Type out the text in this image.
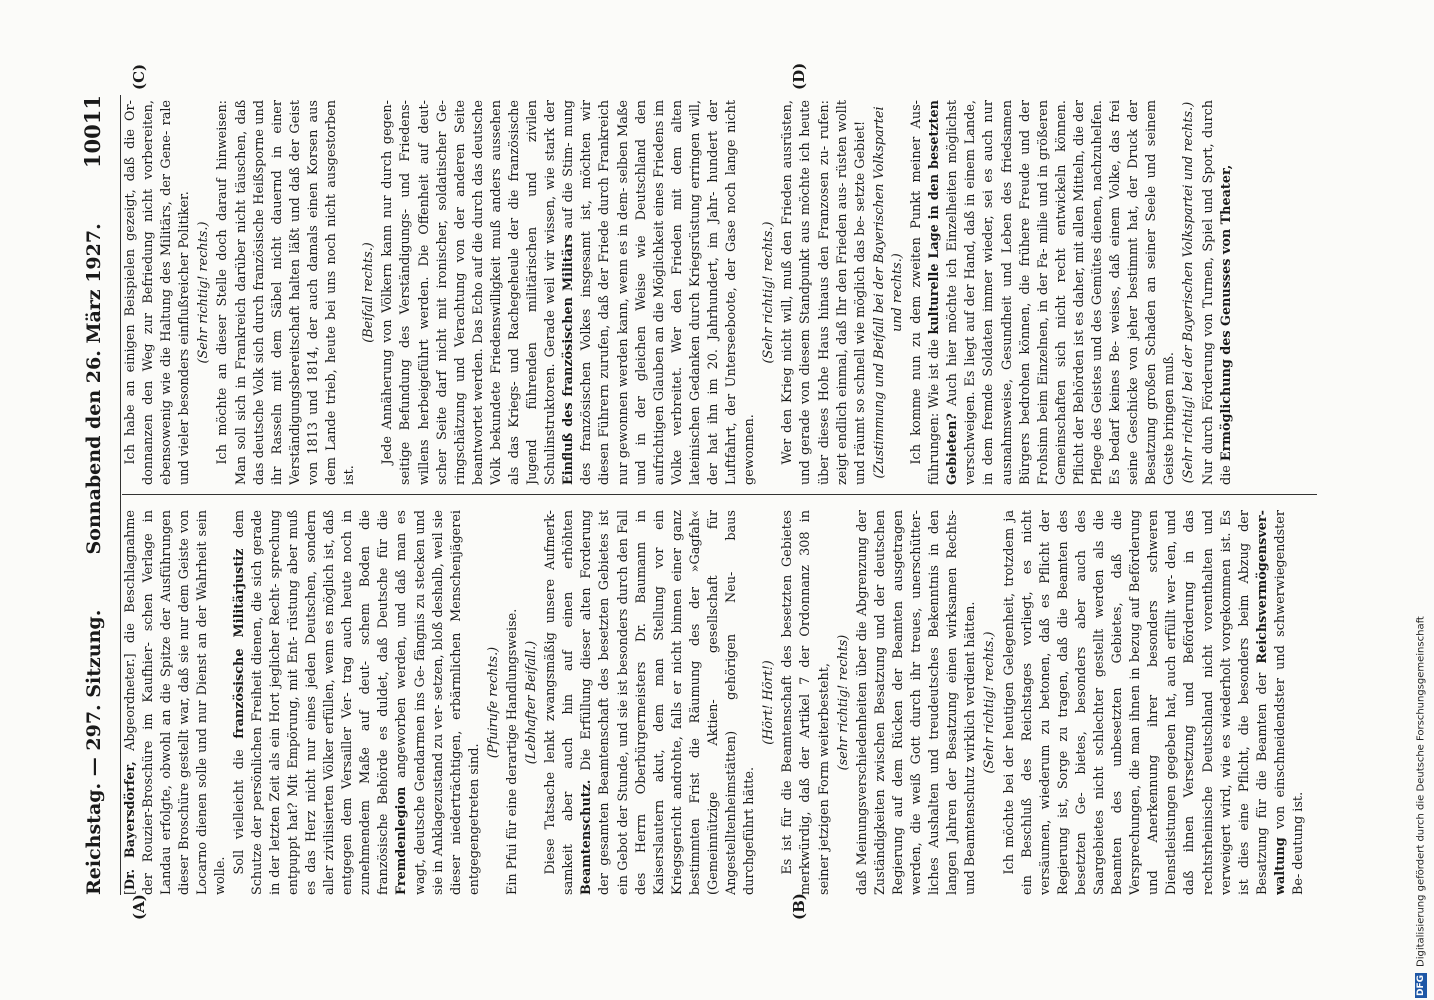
Reichstag. — 297. Sitzung.
Sonnabend den 26. März 1927.
10011

[Dr. Bayersdörfer, Abgeordneter.] die Beschlagnahme der Rouzier-Broschüre im Kaufhier- schen Verlage in Landau erfolgte, obwohl an die Spitze der Ausführungen dieser Broschüre gestellt war, daß sie nur dem Geiste von Locarno dienen solle und nur Dienst an der Wahrheit sein wolle.

Soll vielleicht die französische Militärjustiz dem Schutze der persönlichen Freiheit dienen, die sich gerade in der letzten Zeit als ein Hort jeglicher Recht- sprechung entpuppt hat? Mit Empörung, mit Ent- rüstung aber muß es das Herz nicht nur eines jeden Deutschen, sondern aller zivilisierten Völker erfüllen, wenn es möglich ist, daß entgegen dem Versailler Ver- trag auch heute noch in zunehmendem Maße auf deut- schem Boden die französische Behörde es duldet, daß Deutsche für die Fremdenlegion angeworben werden, und daß man es wagt, deutsche Gendarmen ins Ge- fängnis zu stecken und sie in Anklagezustand zu ver- setzen, bloß deshalb, weil sie dieser niederträchtigen, erbärmlichen Menschenjägerei entgegengetreten sind.

(Pfuirufe rechts.) Ein Pfui für eine derartige Handlungsweise. (Lebhafter Beifall.) Diese Tatsache lenkt zwangsmäßig unsere Aufmerk- samkeit aber auch hin auf einen erhöhten Beamtenschutz. Die Erfüllung dieser alten Forderung der gesamten Beamtenschaft des besetzten Gebietes ist ein Gebot der Stunde, und sie ist besonders durch den Fall des Herrn Oberbürgermeisters Dr. Baumann in Kaiserslautern akut, dem man Stellung vor ein Kriegsgericht androhte, falls er nicht binnen einer ganz bestimmten Frist die Räumung des der »Gagfah« (Gemeinnützige Aktien- gesellschaft für Angestelltenheimstätten) gehörigen Neu- baus durchgeführt hätte.

(Hört! Hört!) Es ist für die Beamtenschaft des besetzten Gebietes merkwürdig, daß der Artikel 7 der Ordonnanz 308 in seiner jetzigen Form weiterbesteht, (sehr richtig! rechts) daß Meinungsverschiedenheiten über die Abgrenzung der Zuständigkeiten zwischen Besatzung und der deutschen Regierung auf dem Rücken der Beamten ausgetragen werden, die weiß Gott durch ihr treues, unerschütter- liches Aushalten und treudeutsches Bekenntnis in den langen Jahren der Besatzung einen wirksamen Rechts- und Beamtenschutz wirklich verdient hätten. (Sehr richtig! rechts.) Ich möchte bei der heutigen Gelegenheit, trotzdem ja ein Beschluß des Reichstages vorliegt, es nicht versäumen, wiederum zu betonen, daß es Pflicht der Regierung ist, Sorge zu tragen, daß die Beamten des besetzten Ge- bietes, besonders aber auch des Saargebietes nicht schlechter gestellt werden als die Beamten des unbesetzten Gebietes, daß die Versprechungen, die man ihnen in bezug auf Beförderung und Anerkennung ihrer besonders schweren Dienstleistungen gegeben hat, auch erfüllt wer- den, und daß ihnen Versetzung und Beförderung in das rechtsrheinische Deutschland nicht vorenthalten und verweigert wird, wie es wiederholt vorgekommen ist. Es ist dies eine Pflicht, die besonders beim Abzug der Besatzung für die Beamten der Reichsvermögensver- waltung von einschneidendster und schwerwiegendster Be- deutung ist.

Ich habe an einigen Beispielen gezeigt, daß die Or- donnanzen den Weg zur Befriedung nicht vorbereiten, ebensowenig wie die Haltung des Militärs, der Gene- rale und vieler besonders einflußreicher Politiker. (Sehr richtig! rechts.) Ich möchte an dieser Stelle doch darauf hinweisen: Man soll sich in Frankreich darüber nicht täuschen, daß das deutsche Volk sich durch französische Heißsporne und ihr Rasseln mit dem Säbel nicht dauernd in einer Verständigungsbereitschaft halten läßt und daß der Geist von 1813 und 1814, der auch damals einen Korsen aus dem Lande trieb, heute bei uns noch nicht ausgestorben ist.

(Beifall rechts.) Jede Annäherung von Völkern kann nur durch gegen- seitige Befundung des Verständigungs- und Friedens- willens herbeigeführt werden. Die Offenheit auf deut- scher Seite darf nicht mit ironischer, soldatischer Ge- ringschätzung und Verachtung von der anderen Seite beantwortet werden. Das Echo auf die durch das deutsche Volk bekundete Friedenswilligkeit muß anders aussehen als das Kriegs- und Rachegeheule der die französische Jugend führenden militärischen und zivilen Schulinstruktoren. Gerade weil wir wissen, wie stark der Einfluß des französischen Militärs auf die Stim- mung des französischen Volkes insgesamt ist, möchten wir diesen Führern zurufen, daß der Friede durch Frankreich nur gewonnen werden kann, wenn es in dem- selben Maße und in der gleichen Weise wie Deutschland den aufrichtigen Glauben an die Möglichkeit eines Friedens im Volke verbreitet. Wer den Frieden mit dem alten lateinischen Gedanken durch Kriegsrüstung erringen will, der hat ihn im 20. Jahrhundert, im Jahr- hundert der Luftfahrt, der Unterseeboote, der Gase noch lange nicht gewonnen.

(Sehr richtig! rechts.) Wer den Krieg nicht will, muß den Frieden ausrüsten, und gerade von diesem Standpunkt aus möchte ich heute über dieses Hohe Haus hinaus den Franzosen zu- rufen: zeigt endlich einmal, daß Ihr den Frieden aus- rüsten wollt und räumt so schnell wie möglich das be- setzte Gebiet! (Zustimmung und Beifall bei der Bayerischen Volkspartei und rechts.) Ich komme nun zu dem zweiten Punkt meiner Aus- führungen: Wie ist die kulturelle Lage in den besetzten Gebieten? Auch hier möchte ich Einzelheiten möglichst verschweigen. Es liegt auf der Hand, daß in einem Lande, in dem fremde Soldaten immer wieder, sei es auch nur ausnahmsweise, Gesundheit und Leben des friedsamen Bürgers bedrohen können, die frühere Freude und der Frohsinn beim Einzelnen, in der Fa- milie und in größeren Gemeinschaften sich nicht recht entwickeln können. Pflicht der Behörden ist es daher, mit allen Mitteln, die der Pflege des Geistes und des Gemütes dienen, nachzuhelfen. Es bedarf keines Be- weises, daß einem Volke, das frei seine Geschicke von jeher bestimmt hat, der Druck der Besatzung großen Schaden an seiner Seele und seinem Geiste bringen muß. (Sehr richtig! bei der Bayerischen Volkspartei und rechts.) Nur durch Förderung von Turnen, Spiel und Sport, durch die Ermöglichung des Genusses von Theater,

(A)	(B)
(C)	(D)
DFG
Digitalisierung gefördert durch die Deutsche Forschungsgemeinschaft
